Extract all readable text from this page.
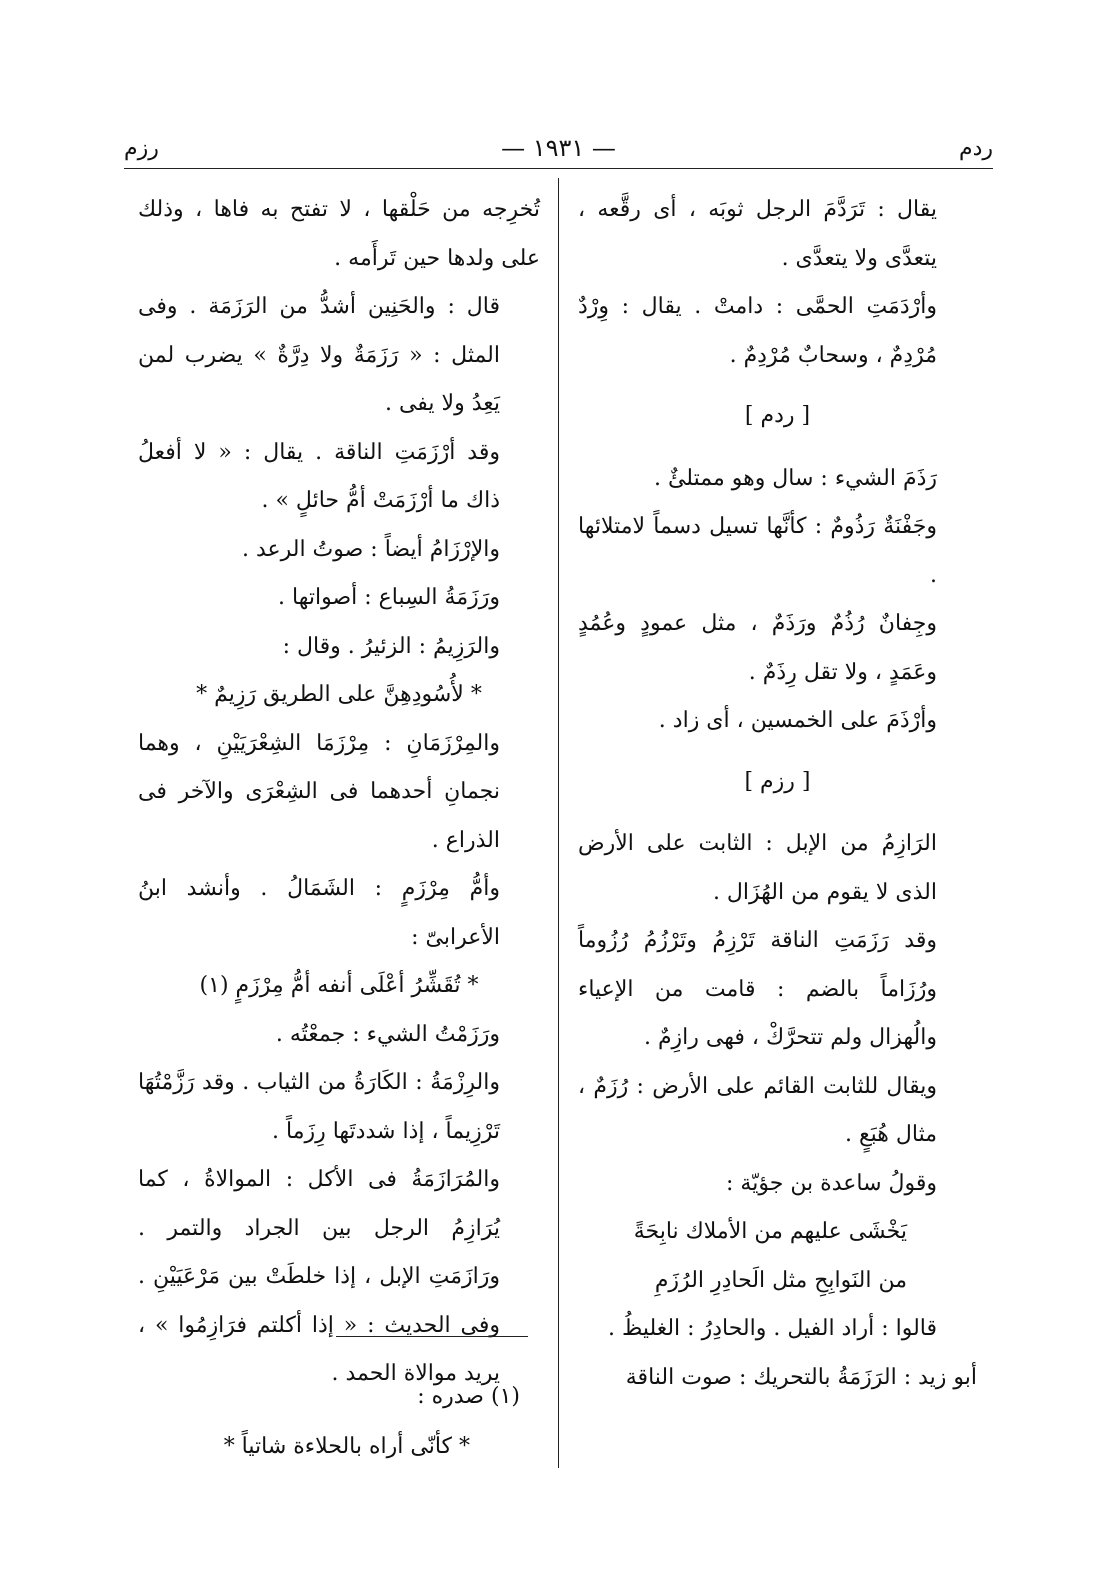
ردم
— ١٩٣١ —
رزم

يقال : تَرَدَّمَ الرجل ثوبَه ، أى رقَّعه ، يتعدَّى ولا يتعدَّى .

وأرْدَمَتِ الحمَّى : دامتْ . يقال : وِرْدٌ مُرْدِمٌ ، وسحابٌ مُرْدِمٌ .

[ ردم ]

رَذَمَ الشيء : سال وهو ممتلئٌ .

وجَفْنَةٌ رَذُومٌ : كأنَّها تسيل دسماً لامتلائها .

وجِفانٌ رُذُمٌ ورَذَمٌ ، مثل عمودٍ وعُمُدٍ وعَمَدٍ ، ولا تقل رِذَمٌ .

وأرْذَمَ على الخمسين ، أى زاد .

[ رزم ]

الرَازِمُ من الإبل : الثابت على الأرض الذى لا يقوم من الهُزَال .

وقد رَزَمَتِ الناقة تَرْزِمُ وتَرْزُمُ رُزُوماً ورُزَاماً بالضم : قامت من الإعياء والُهزال ولم تتحرَّكْ ، فهى رازِمٌ .

ويقال للثابت القائم على الأرض : رُزَمٌ ، مثال هُبَعٍ .

وقولُ ساعدة بن جؤيّة :

يَخْشَى عليهم من الأملاك نابِحَةً

من النَوابِحِ مثل الَحادِرِ الرُزَمِ

قالوا : أراد الفيل . والحادِرُ : الغليظُ .

أبو زيد : الرَزَمَةُ بالتحريك : صوت الناقة

تُخرِجه من حَلْقها ، لا تفتح به فاها ، وذلك على ولدها حين تَرأَمه .

قال : والحَنِين أشدُّ من الرَزَمَة . وفى المثل : « رَزَمَةٌ ولا دِرَّةٌ » يضرب لمن يَعِدُ ولا يفى .

وقد أرْزَمَتِ الناقة . يقال : « لا أفعلُ ذاك ما أرْزَمَتْ أمُّ حائلٍ » .

والإرْزَامُ أيضاً : صوتُ الرعد .

ورَزَمَةُ السِباع : أصواتها .

والرَزِيمُ : الزئيرُ . وقال :

* لأُسُودِهِنَّ على الطريق رَزِيمٌ *

والمِرْزَمَانِ : مِرْزَمَا الشِعْرَيَيْنِ ، وهما نجمانِ أحدهما فى الشِعْرَى والآخر فى الذراع .

وأمُّ مِرْزَمٍ : الشَمَالُ . وأنشد ابنُ الأعرابىّ :

* تُقَشِّرُ أعْلَى أنفه أمُّ مِرْزَمٍ (١)

ورَزَمْتُ الشيء : جمعْتُه .

والرِزْمَةُ : الكَارَةُ من الثياب . وقد رَزَّمْتُهَا تَرْزِيماً ، إذا شددتَها رِزَماً .

والمُرَازَمَةُ فى الأكل : الموالاةُ ، كما يُرَازِمُ الرجل بين الجراد والتمر . ورَازَمَتِ الإبل ، إذا خلطَتْ بين مَرْعَيَيْنِ . وفى الحديث : « إذا أكلتم فرَازِمُوا » ، يريد موالاة الحمد .

(١) صدره :

* كأنّى أراه بالحلاءة شاتياً *
